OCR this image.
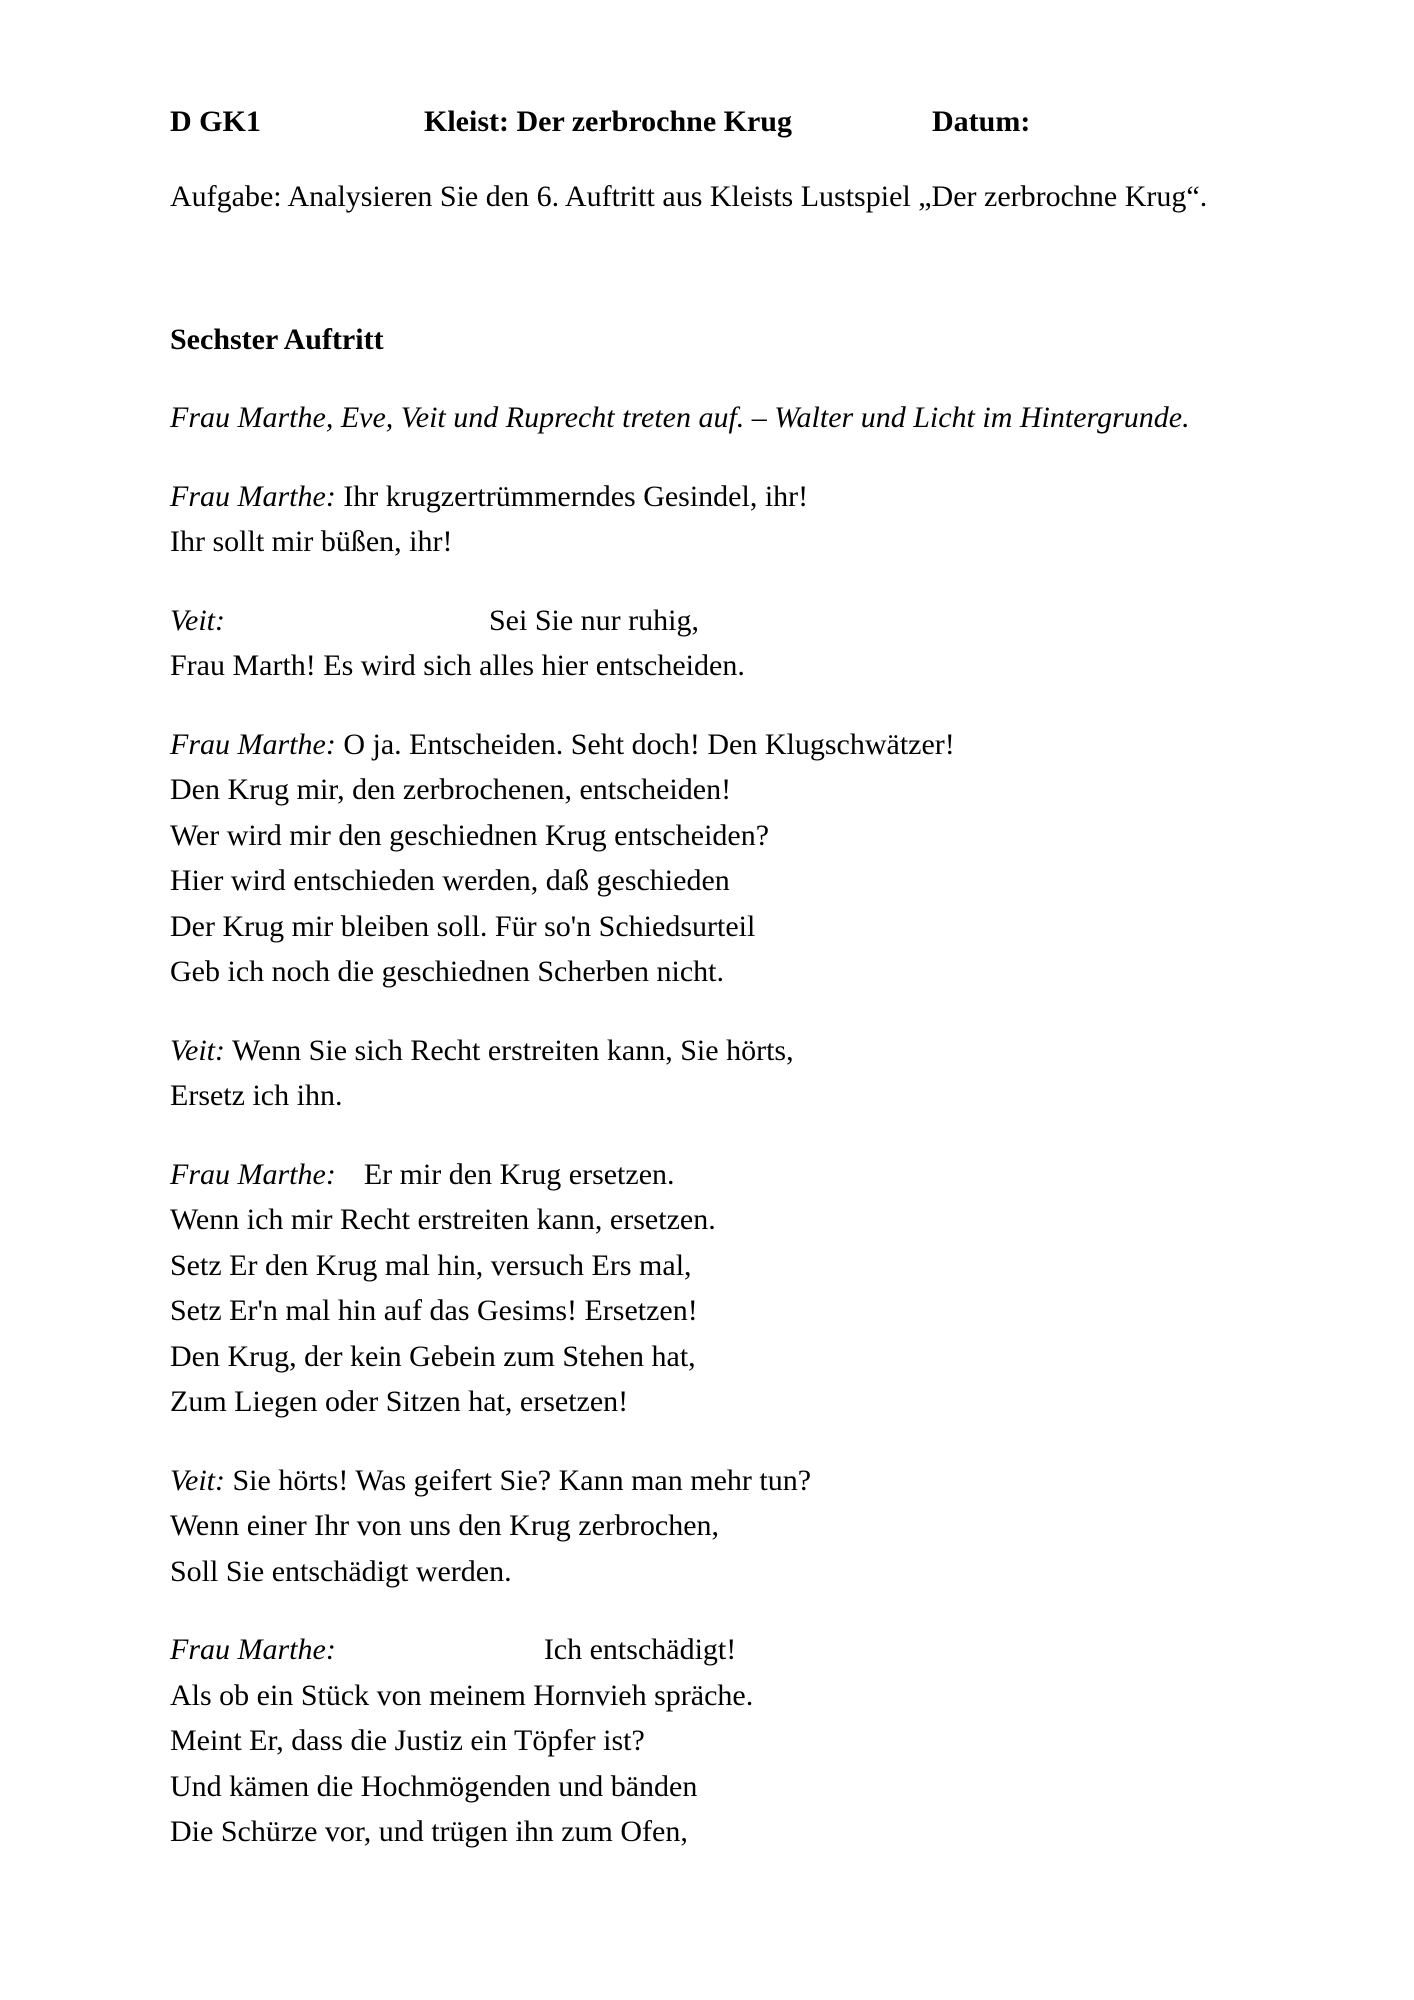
D GK1	Kleist: Der zerbrochne Krug	Datum:
Aufgabe: Analysieren Sie den 6. Auftritt aus Kleists Lustspiel „Der zerbrochne Krug“.
Sechster Auftritt

Frau Marthe, Eve, Veit und Ruprecht treten auf. – Walter und Licht im Hintergrunde.

Frau Marthe: Ihr krugzertrümmerndes Gesindel, ihr!
Ihr sollt mir büßen, ihr!

Veit:	Sei Sie nur ruhig,
Frau Marth! Es wird sich alles hier entscheiden.

Frau Marthe: O ja. Entscheiden. Seht doch! Den Klugschwätzer!
Den Krug mir, den zerbrochenen, entscheiden!
Wer wird mir den geschiednen Krug entscheiden?
Hier wird entschieden werden, daß geschieden
Der Krug mir bleiben soll. Für so'n Schiedsurteil
Geb ich noch die geschiednen Scherben nicht.

Veit: Wenn Sie sich Recht erstreiten kann, Sie hörts,
Ersetz ich ihn.

Frau Marthe: Er mir den Krug ersetzen.
Wenn ich mir Recht erstreiten kann, ersetzen.
Setz Er den Krug mal hin, versuch Ers mal,
Setz Er'n mal hin auf das Gesims! Ersetzen!
Den Krug, der kein Gebein zum Stehen hat,
Zum Liegen oder Sitzen hat, ersetzen!

Veit: Sie hörts! Was geifert Sie? Kann man mehr tun?
Wenn einer Ihr von uns den Krug zerbrochen,
Soll Sie entschädigt werden.

Frau Marthe:	Ich entschädigt!
Als ob ein Stück von meinem Hornvieh spräche.
Meint Er, dass die Justiz ein Töpfer ist?
Und kämen die Hochmögenden und bänden
Die Schürze vor, und trügen ihn zum Ofen,
